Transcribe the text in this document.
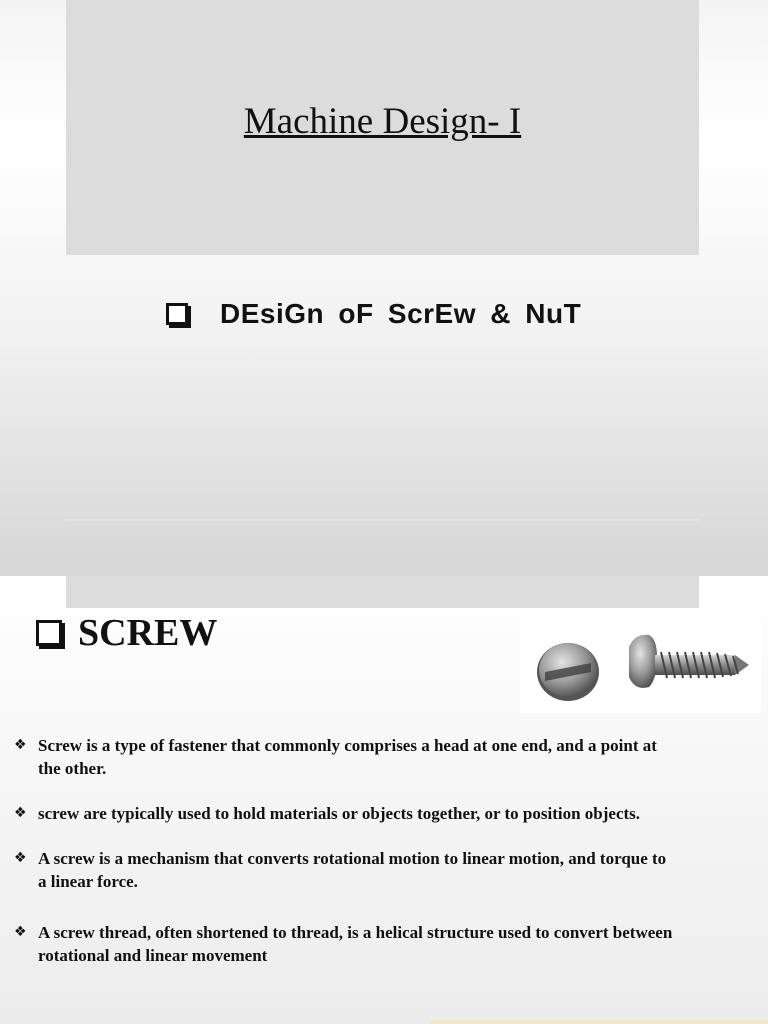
Machine Design- I
DEsiGn oF ScrEw & NuT
SCREW
❖ Screw is a type of fastener that commonly comprises a head at one end, and a point at the other.
❖ screw are typically used to hold materials or objects together, or to position objects.
❖ A screw is a mechanism that converts rotational motion to linear motion, and torque to a linear force.
❖ A screw thread, often shortened to thread, is a helical structure used to convert between rotational and linear movement
